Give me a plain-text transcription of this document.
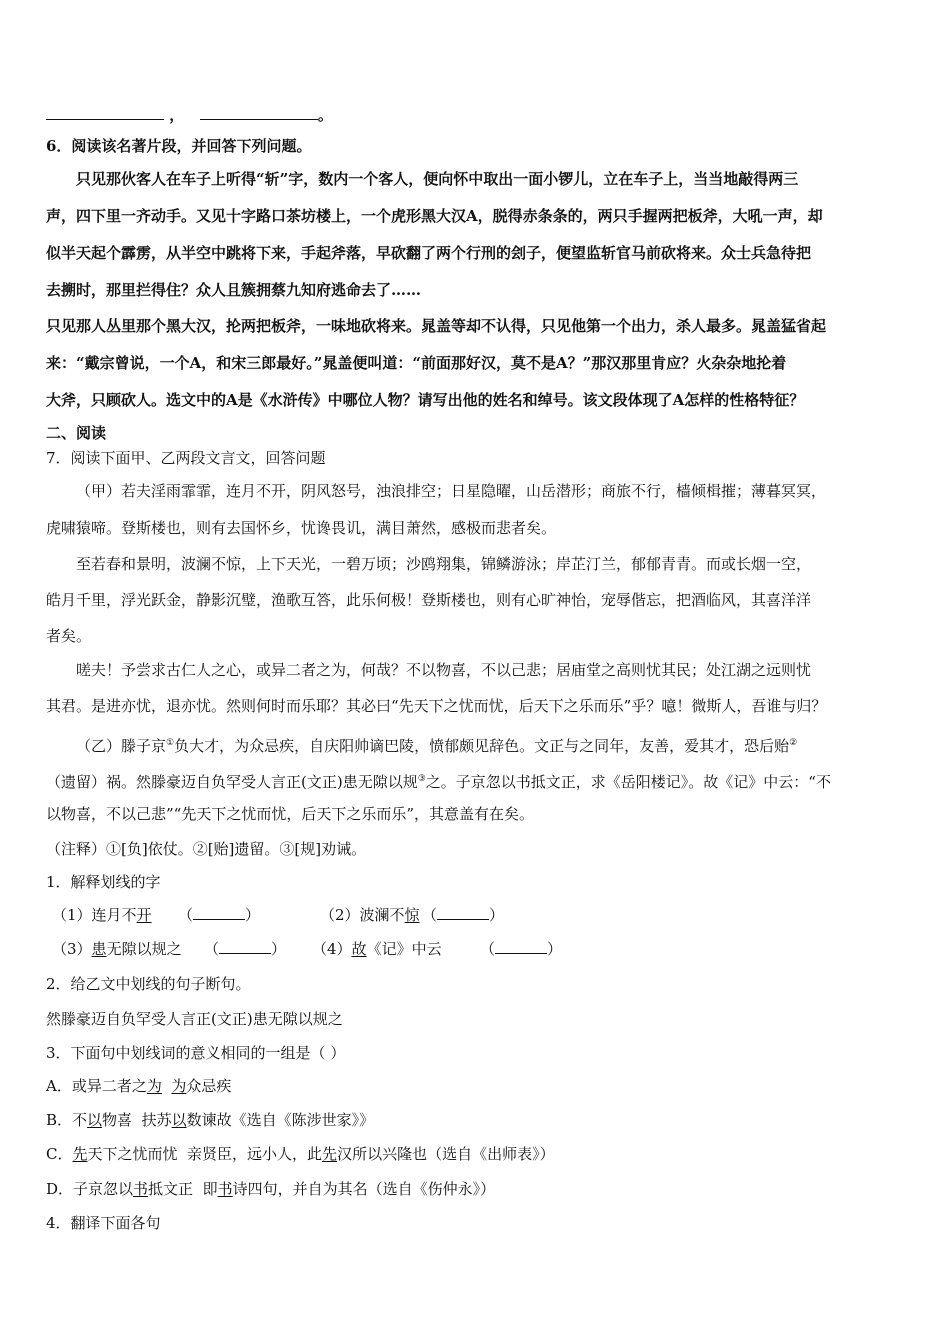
，	。
6．阅读该名著片段，并回答下列问题。
只见那伙客人在车子上听得“斩”字，数内一个客人，便向怀中取出一面小锣儿，立在车子上，当当地敲得两三
声，四下里一齐动手。又见十字路口茶坊楼上，一个虎形黑大汉A，脱得赤条条的，两只手握两把板斧，大吼一声，却
似半天起个霹雳，从半空中跳将下来，手起斧落，早砍翻了两个行刑的刽子，便望监斩官马前砍将来。众士兵急待把
去搠时，那里拦得住？众人且簇拥蔡九知府逃命去了……
只见那人丛里那个黑大汉，抡两把板斧，一味地砍将来。晁盖等却不认得，只见他第一个出力，杀人最多。晁盖猛省起
来：“戴宗曾说，一个A，和宋三郎最好。”晁盖便叫道：“前面那好汉，莫不是A？”那汉那里肯应？火杂杂地抡着
大斧，只顾砍人。选文中的A是《水浒传》中哪位人物？请写出他的姓名和绰号。该文段体现了A怎样的性格特征？
二、阅读
7．阅读下面甲、乙两段文言文，回答问题
（甲）若夫淫雨霏霏，连月不开，阴风怒号，浊浪排空；日星隐曜，山岳潜形；商旅不行，樯倾楫摧；薄暮冥冥，
虎啸猿啼。登斯楼也，则有去国怀乡，忧谗畏讥，满目萧然，感极而悲者矣。
至若春和景明，波澜不惊，上下天光，一碧万顷；沙鸥翔集，锦鳞游泳；岸芷汀兰，郁郁青青。而或长烟一空，
皓月千里，浮光跃金，静影沉璧，渔歌互答，此乐何极！登斯楼也，则有心旷神怡，宠辱偕忘，把酒临风，其喜洋洋
者矣。
嗟夫！予尝求古仁人之心，或异二者之为，何哉？不以物喜，不以己悲；居庙堂之高则忧其民；处江湖之远则忧
其君。是进亦忧，退亦忧。然则何时而乐耶？其必曰“先天下之忧而忧，后天下之乐而乐”乎？噫！微斯人，吾谁与归？
（乙）滕子京①负大才，为众忌疾，自庆阳帅谪巴陵，愤郁颇见辞色。文正与之同年，友善，爱其才，恐后贻②
（遗留）祸。然滕豪迈自负罕受人言正(文正)患无隙以规③之。子京忽以书抵文正，求《岳阳楼记》。故《记》中云：“不
以物喜，不以己悲”“先天下之忧而忧，后天下之乐而乐”，其意盖有在矣。
（注释）①[负]依仗。②[贻]遗留。③[规]劝诫。
1．解释划线的字
（1）连月不开 （	）	（2）波澜不惊 （	）
（3）患无隙以规之 （	） （4）故《记》中云	（	）
2．给乙文中划线的句子断句。
然滕豪迈自负罕受人言正(文正)患无隙以规之
3．下面句中划线词的意义相同的一组是（ ）
A．或异二者之为 为众忌疾
B．不以物喜  扶苏以数谏故《选自《陈涉世家》》
C．先天下之忧而忧  亲贤臣，远小人，此先汉所以兴隆也（选自《出师表》）
D．子京忽以书抵文正  即书诗四句，并自为其名（选自《伤仲永》）
4．翻译下面各句
